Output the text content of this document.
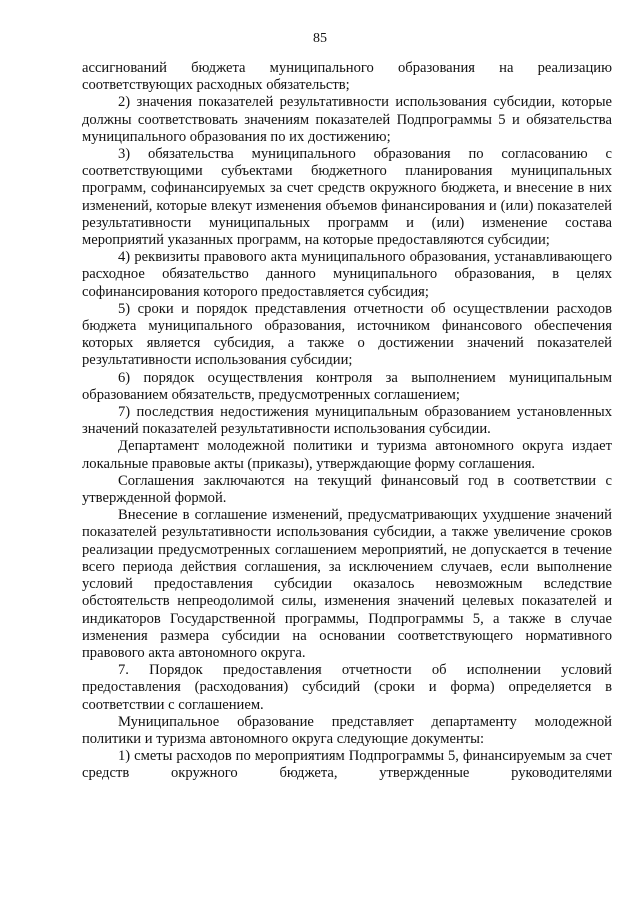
85

ассигнований бюджета муниципального образования на реализацию соответствующих расходных обязательств;

2) значения показателей результативности использования субсидии, которые должны соответствовать значениям показателей Подпрограммы 5 и обязательства муниципального образования по их достижению;

3) обязательства муниципального образования по согласованию с соответствующими субъектами бюджетного планирования муниципальных программ, софинансируемых за счет средств окружного бюджета, и внесение в них изменений, которые влекут изменения объемов финансирования и (или) показателей результативности муниципальных программ и (или) изменение состава мероприятий указанных программ, на которые предоставляются субсидии;

4) реквизиты правового акта муниципального образования, устанавливающего расходное обязательство данного муниципального образования, в целях софинансирования которого предоставляется субсидия;

5) сроки и порядок представления отчетности об осуществлении расходов бюджета муниципального образования, источником финансового обеспечения которых является субсидия, а также о достижении значений показателей результативности использования субсидии;

6) порядок осуществления контроля за выполнением муниципальным образованием обязательств, предусмотренных соглашением;

7) последствия недостижения муниципальным образованием установленных значений показателей результативности использования субсидии.

Департамент молодежной политики и туризма автономного округа издает локальные правовые акты (приказы), утверждающие форму соглашения.

Соглашения заключаются на текущий финансовый год в соответствии с утвержденной формой.

Внесение в соглашение изменений, предусматривающих ухудшение значений показателей результативности использования субсидии, а также увеличение сроков реализации предусмотренных соглашением мероприятий, не допускается в течение всего периода действия соглашения, за исключением случаев, если выполнение условий предоставления субсидии оказалось невозможным вследствие обстоятельств непреодолимой силы, изменения значений целевых показателей и индикаторов Государственной программы, Подпрограммы 5, а также в случае изменения размера субсидии на основании соответствующего нормативного правового акта автономного округа.

7. Порядок предоставления отчетности об исполнении условий предоставления (расходования) субсидий (сроки и форма) определяется в соответствии с соглашением.

Муниципальное образование представляет департаменту молодежной политики и туризма автономного округа следующие документы:

1) сметы расходов по мероприятиям Подпрограммы 5, финансируемым за счет средств окружного бюджета, утвержденные руководителями
